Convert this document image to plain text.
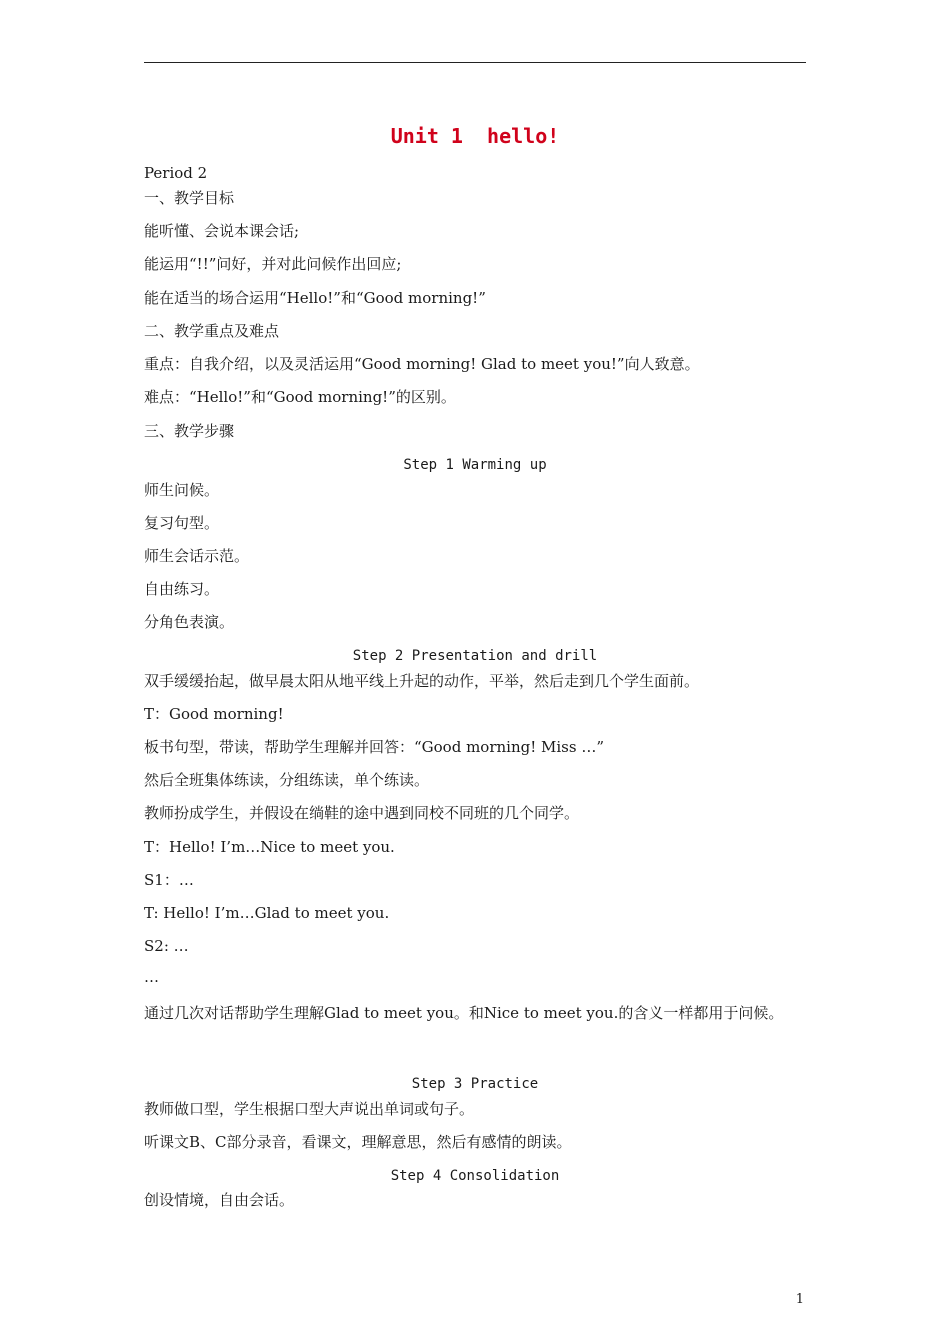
Unit 1  hello!
Period 2
一、教学目标
能听懂、会说本课会话;
能运用“!!”问好，并对此问候作出回应;
能在适当的场合运用“Hello!”和“Good morning!”
二、教学重点及难点
重点：自我介绍，以及灵活运用“Good morning! Glad to meet you!”向人致意。
难点：“Hello!”和“Good morning!”的区别。
三、教学步骤
Step 1 Warming up
师生问候。
复习句型。
师生会话示范。
自由练习。
分角色表演。
Step 2 Presentation and drill
双手缓缓抬起，做早晨太阳从地平线上升起的动作，平举，然后走到几个学生面前。
T：Good morning!
板书句型，带读，帮助学生理解并回答：“Good morning! Miss …”
然后全班集体练读，分组练读，单个练读。
教师扮成学生，并假设在绱鞋的途中遇到同校不同班的几个同学。
T：Hello! I’m…Nice to meet you.
S1：…
T: Hello! I’m…Glad to meet you.
S2: …
…
通过几次对话帮助学生理解Glad to meet you。和Nice to meet you.的含义一样都用于问候。
Step 3 Practice
教师做口型，学生根据口型大声说出单词或句子。
听课文B、C部分录音，看课文，理解意思，然后有感情的朗读。
Step 4 Consolidation
创设情境，自由会话。
1
